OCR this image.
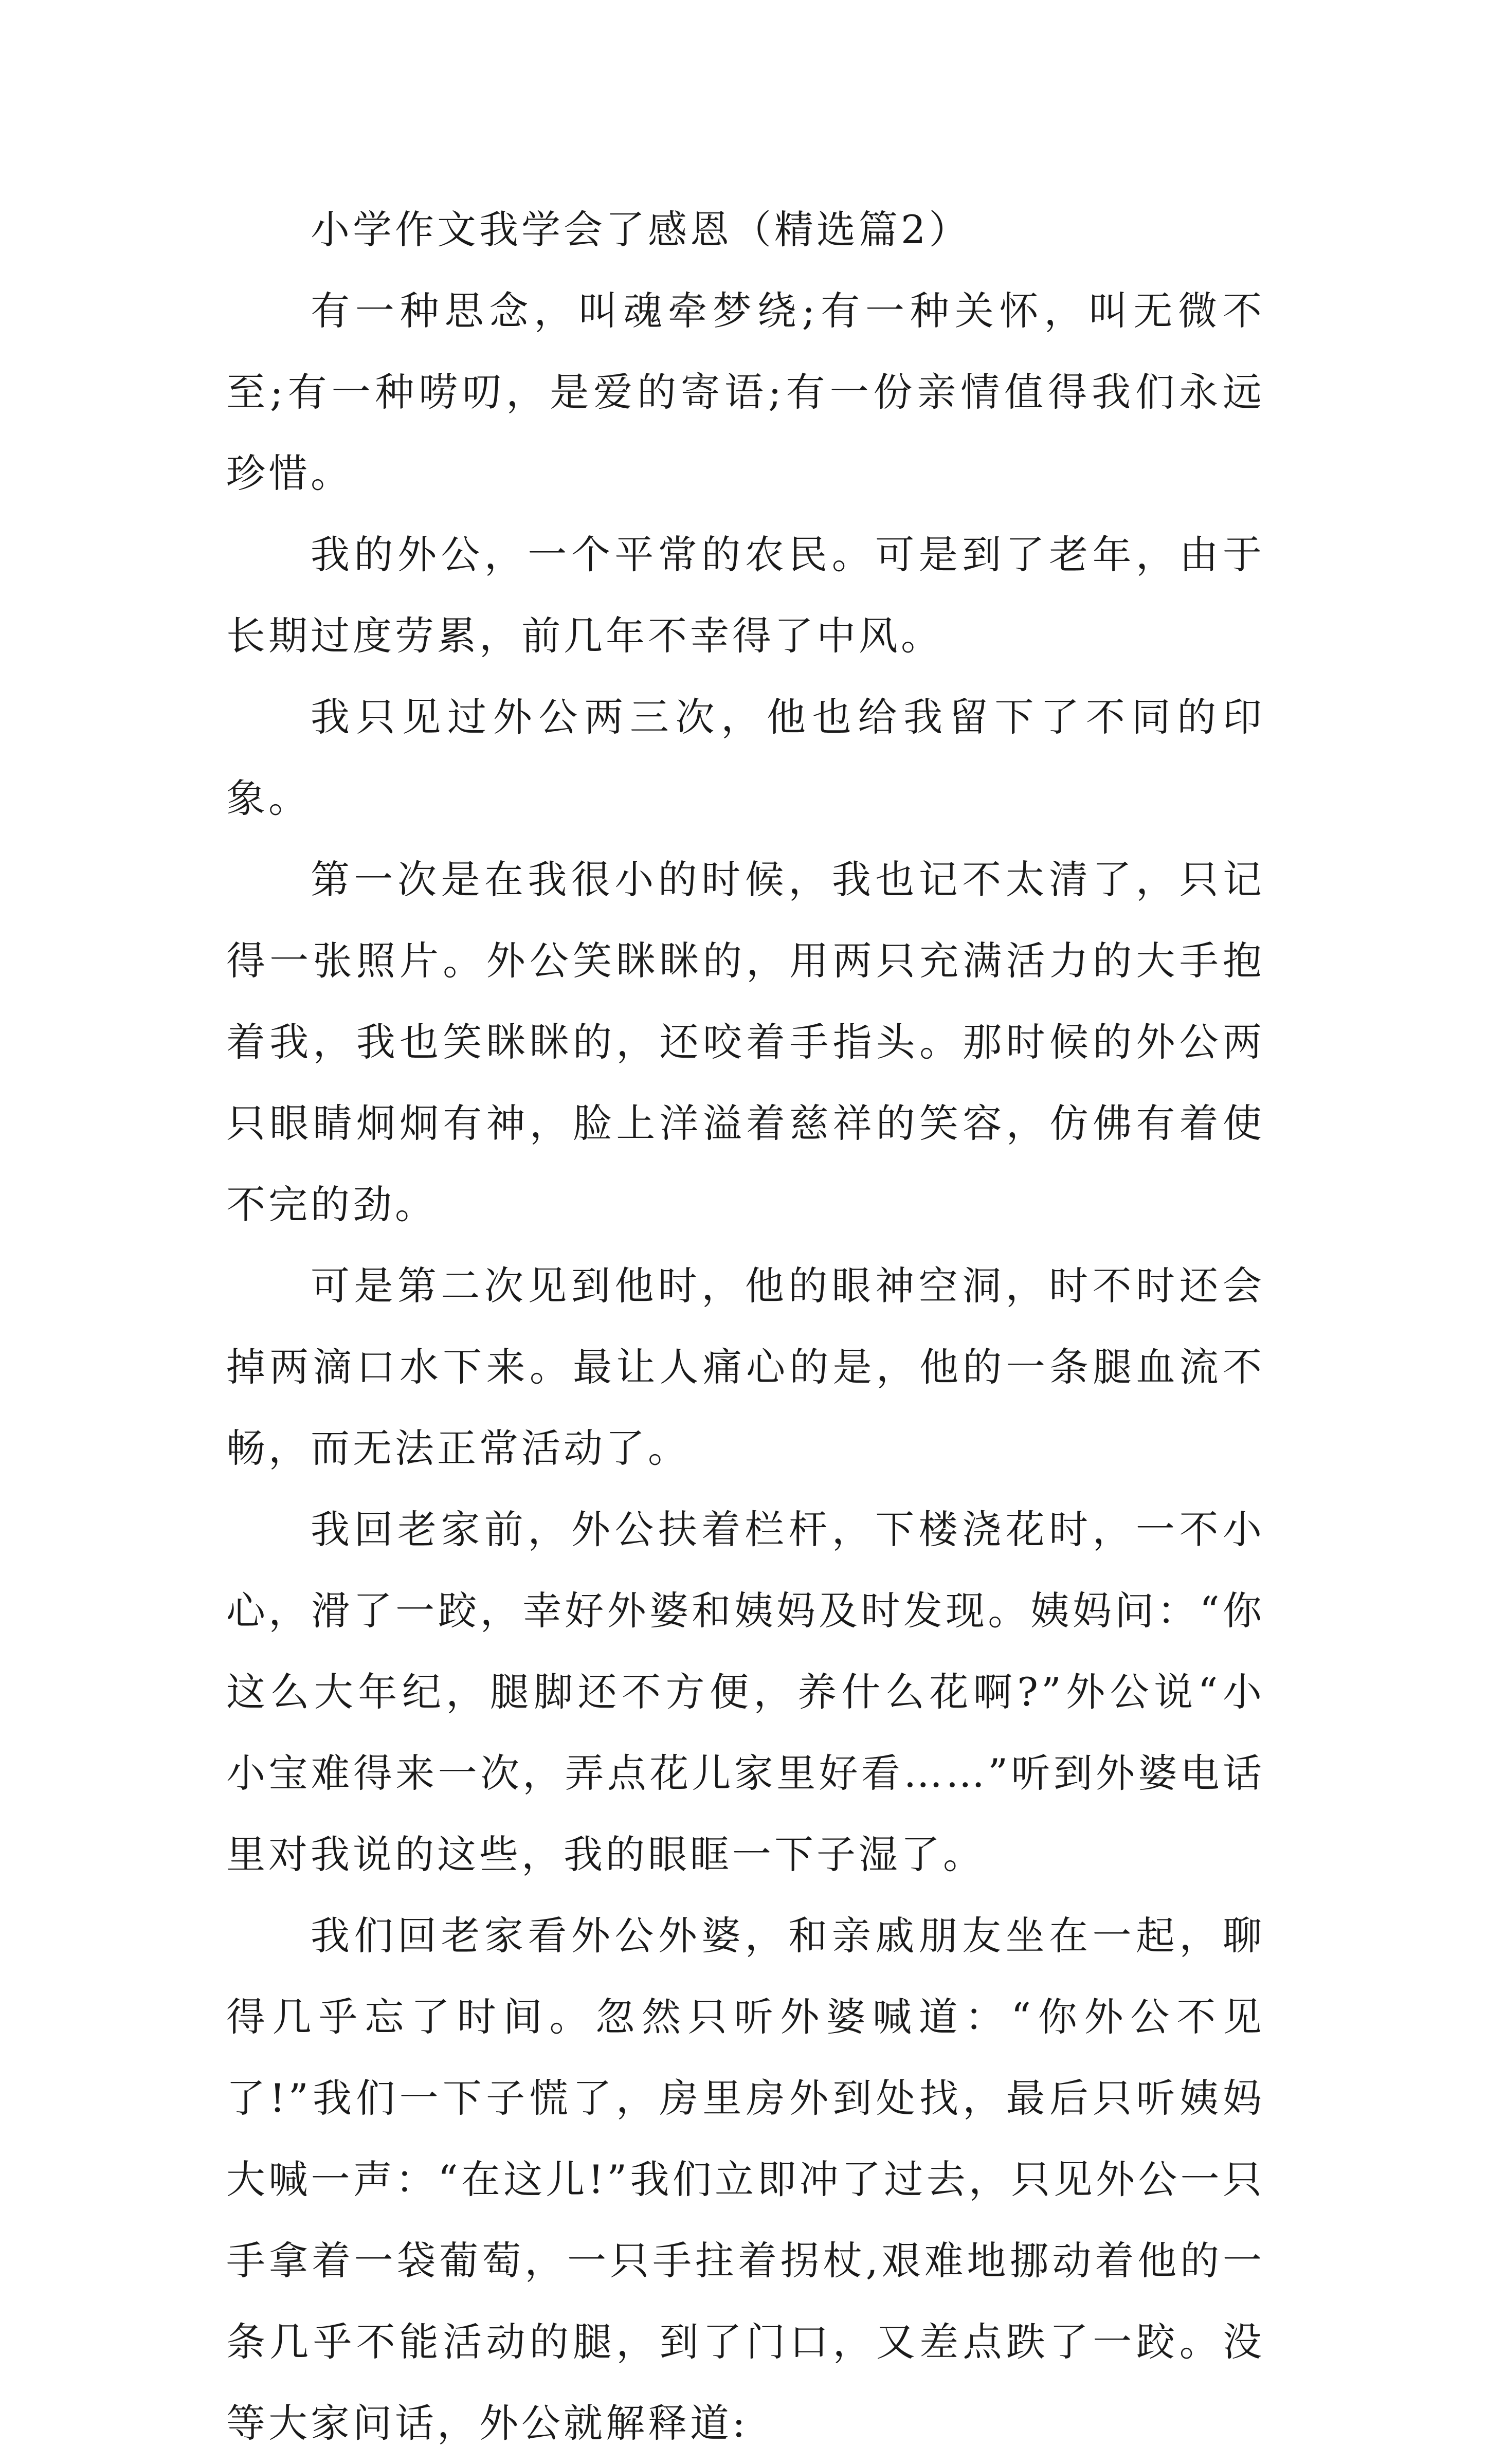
小学作文我学会了感恩（精选篇2）

有一种思念，叫魂牵梦绕;有一种关怀，叫无微不至;有一种唠叨，是爱的寄语;有一份亲情值得我们永远珍惜。

我的外公，一个平常的农民。可是到了老年，由于长期过度劳累，前几年不幸得了中风。

我只见过外公两三次，他也给我留下了不同的印象。

第一次是在我很小的时候，我也记不太清了，只记得一张照片。外公笑眯眯的，用两只充满活力的大手抱着我，我也笑眯眯的，还咬着手指头。那时候的外公两只眼睛炯炯有神，脸上洋溢着慈祥的笑容，仿佛有着使不完的劲。

可是第二次见到他时，他的眼神空洞，时不时还会掉两滴口水下来。最让人痛心的是，他的一条腿血流不畅，而无法正常活动了。

我回老家前，外公扶着栏杆，下楼浇花时，一不小心，滑了一跤，幸好外婆和姨妈及时发现。姨妈问：“你这么大年纪，腿脚还不方便，养什么花啊?”外公说“小小宝难得来一次，弄点花儿家里好看……”听到外婆电话里对我说的这些，我的眼眶一下子湿了。

我们回老家看外公外婆，和亲戚朋友坐在一起，聊得几乎忘了时间。忽然只听外婆喊道：“你外公不见了!”我们一下子慌了，房里房外到处找，最后只听姨妈大喊一声：“在这儿!”我们立即冲了过去，只见外公一只手拿着一袋葡萄，一只手拄着拐杖,艰难地挪动着他的一条几乎不能活动的腿，到了门口，又差点跌了一跤。没等大家问话，外公就解释道:
